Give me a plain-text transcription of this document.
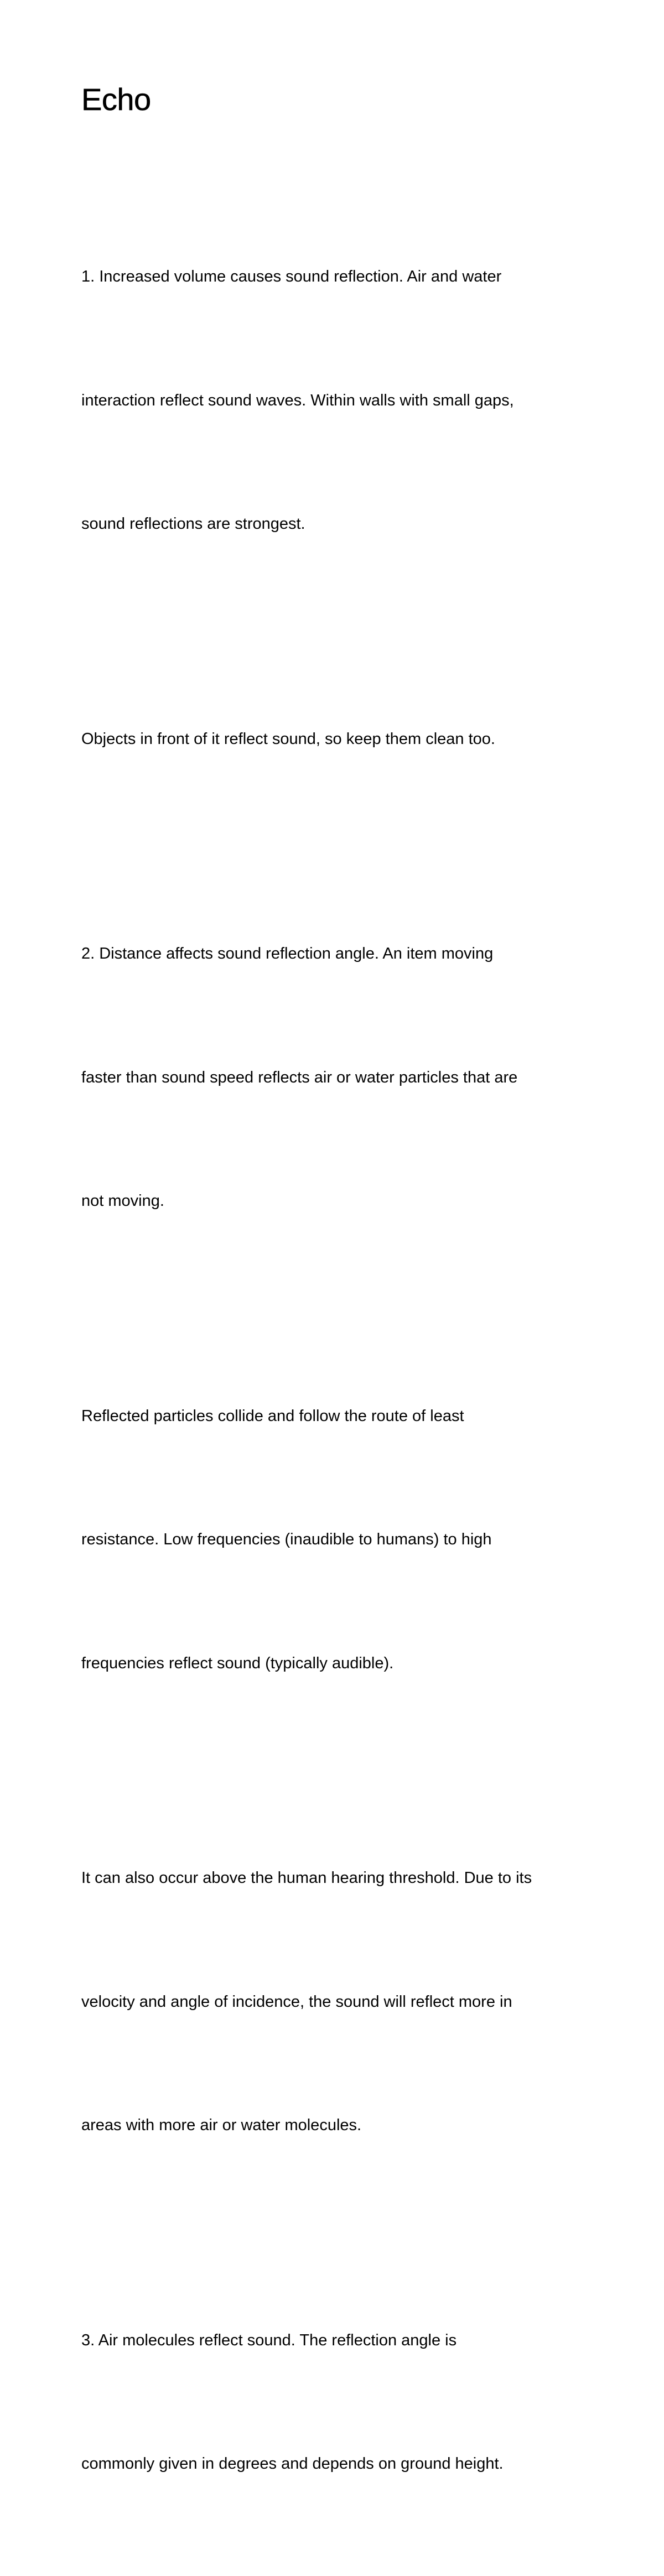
Echo

1. Increased volume causes sound reflection. Air and water

interaction reflect sound waves. Within walls with small gaps,

sound reflections are strongest.

Objects in front of it reflect sound, so keep them clean too.

2. Distance affects sound reflection angle. An item moving

faster than sound speed reflects air or water particles that are

not moving.

Reflected particles collide and follow the route of least

resistance. Low frequencies (inaudible to humans) to high

frequencies reflect sound (typically audible).

It can also occur above the human hearing threshold. Due to its

velocity and angle of incidence, the sound will reflect more in

areas with more air or water molecules.

3. Air molecules reflect sound. The reflection angle is

commonly given in degrees and depends on ground height.
